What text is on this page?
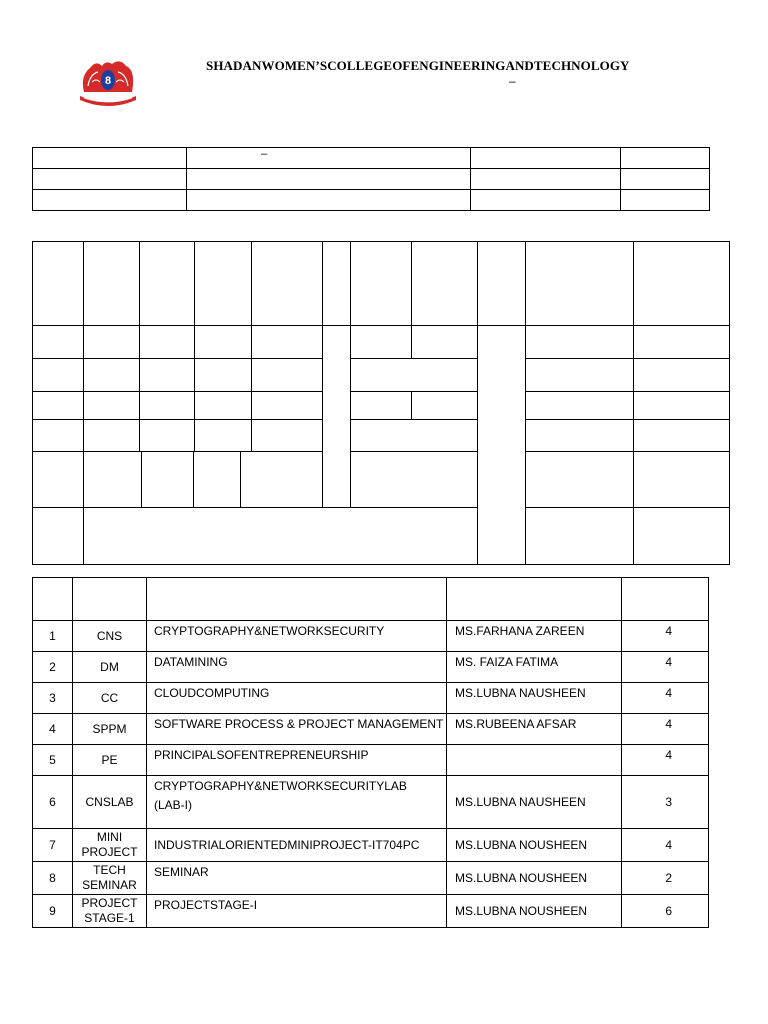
8
SHADANWOMEN’SCOLLEGEOFENGINEERINGANDTECHNOLOGY
–
	–		

1	CNS	CRYPTOGRAPHY&NETWORKSECURITY	MS.FARHANA ZAREEN	4
2	DM	DATAMINING	MS. FAIZA FATIMA	4
3	CC	CLOUDCOMPUTING	MS.LUBNA NAUSHEEN	4
4	SPPM	SOFTWARE PROCESS & PROJECT MANAGEMENT	MS.RUBEENA AFSAR	4
5	PE	PRINCIPALSOFENTREPRENEURSHIP		4
6	CNSLAB	CRYPTOGRAPHY&NETWORKSECURITYLAB
(LAB-I)	MS.LUBNA NAUSHEEN	3
7	MINI
PROJECT	INDUSTRIALORIENTEDMINIPROJECT-IT704PC	MS.LUBNA NOUSHEEN	4
8	TECH
SEMINAR	SEMINAR	MS.LUBNA NOUSHEEN	2
9	PROJECT
STAGE-1	PROJECTSTAGE-I	MS.LUBNA NOUSHEEN	6
